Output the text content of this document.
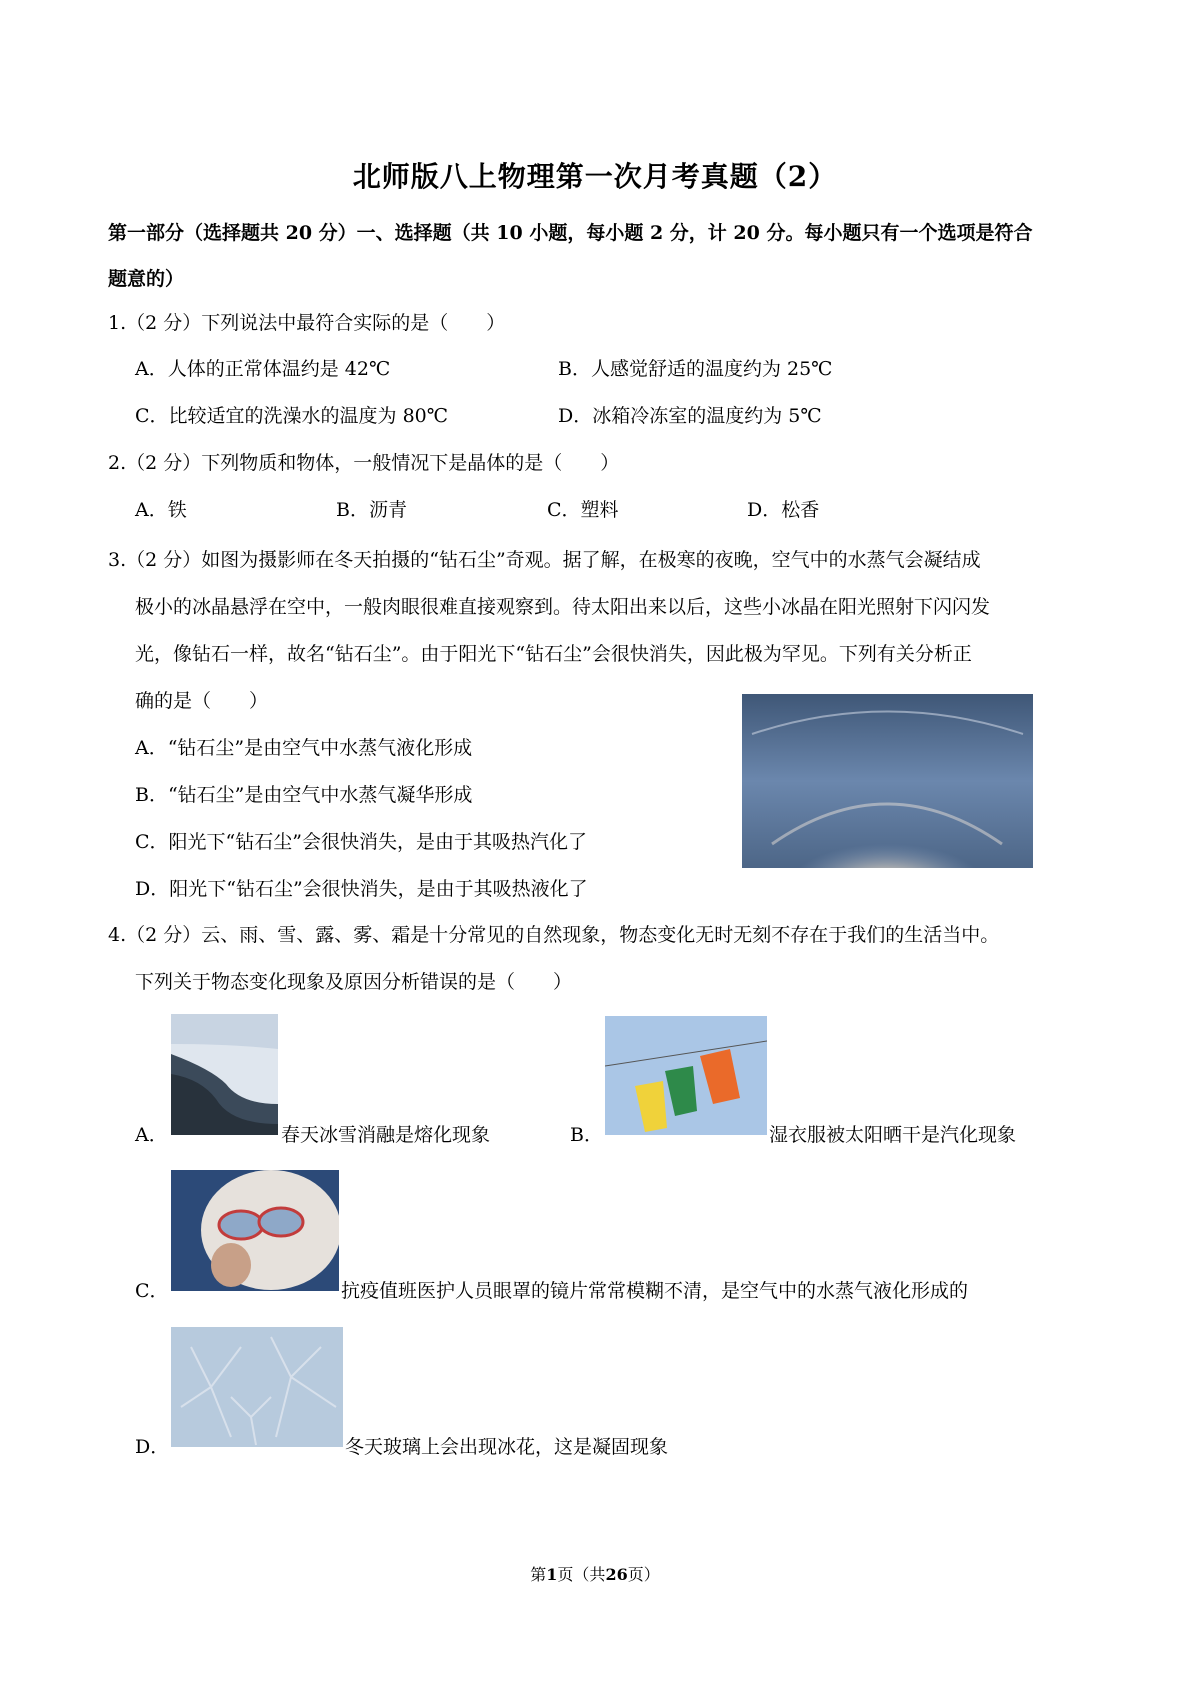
北师版八上物理第一次月考真题（2）
第一部分（选择题共 20 分）一、选择题（共 10 小题，每小题 2 分，计 20 分。每小题只有一个选项是符合
题意的）
1.（2 分）下列说法中最符合实际的是（　　）
A．人体的正常体温约是 42℃	B．人感觉舒适的温度约为 25℃
C．比较适宜的洗澡水的温度为 80℃	D．冰箱冷冻室的温度约为 5℃
2.（2 分）下列物质和物体，一般情况下是晶体的是（　　）
A．铁	B．沥青	C．塑料	D．松香
3.（2 分）如图为摄影师在冬天拍摄的“钻石尘”奇观。据了解，在极寒的夜晚，空气中的水蒸气会凝结成
极小的冰晶悬浮在空中，一般肉眼很难直接观察到。待太阳出来以后，这些小冰晶在阳光照射下闪闪发
光，像钻石一样，故名“钻石尘”。由于阳光下“钻石尘”会很快消失，因此极为罕见。下列有关分析正
确的是（　　）
A．“钻石尘”是由空气中水蒸气液化形成
B．“钻石尘”是由空气中水蒸气凝华形成
C．阳光下“钻石尘”会很快消失，是由于其吸热汽化了
D．阳光下“钻石尘”会很快消失，是由于其吸热液化了
4.（2 分）云、雨、雪、露、雾、霜是十分常见的自然现象，物态变化无时无刻不存在于我们的生活当中。
下列关于物态变化现象及原因分析错误的是（　　）
A．	春天冰雪消融是熔化现象	B．	湿衣服被太阳晒干是汽化现象
C．	抗疫值班医护人员眼罩的镜片常常模糊不清，是空气中的水蒸气液化形成的
D．	冬天玻璃上会出现冰花，这是凝固现象
第1页（共26页）
